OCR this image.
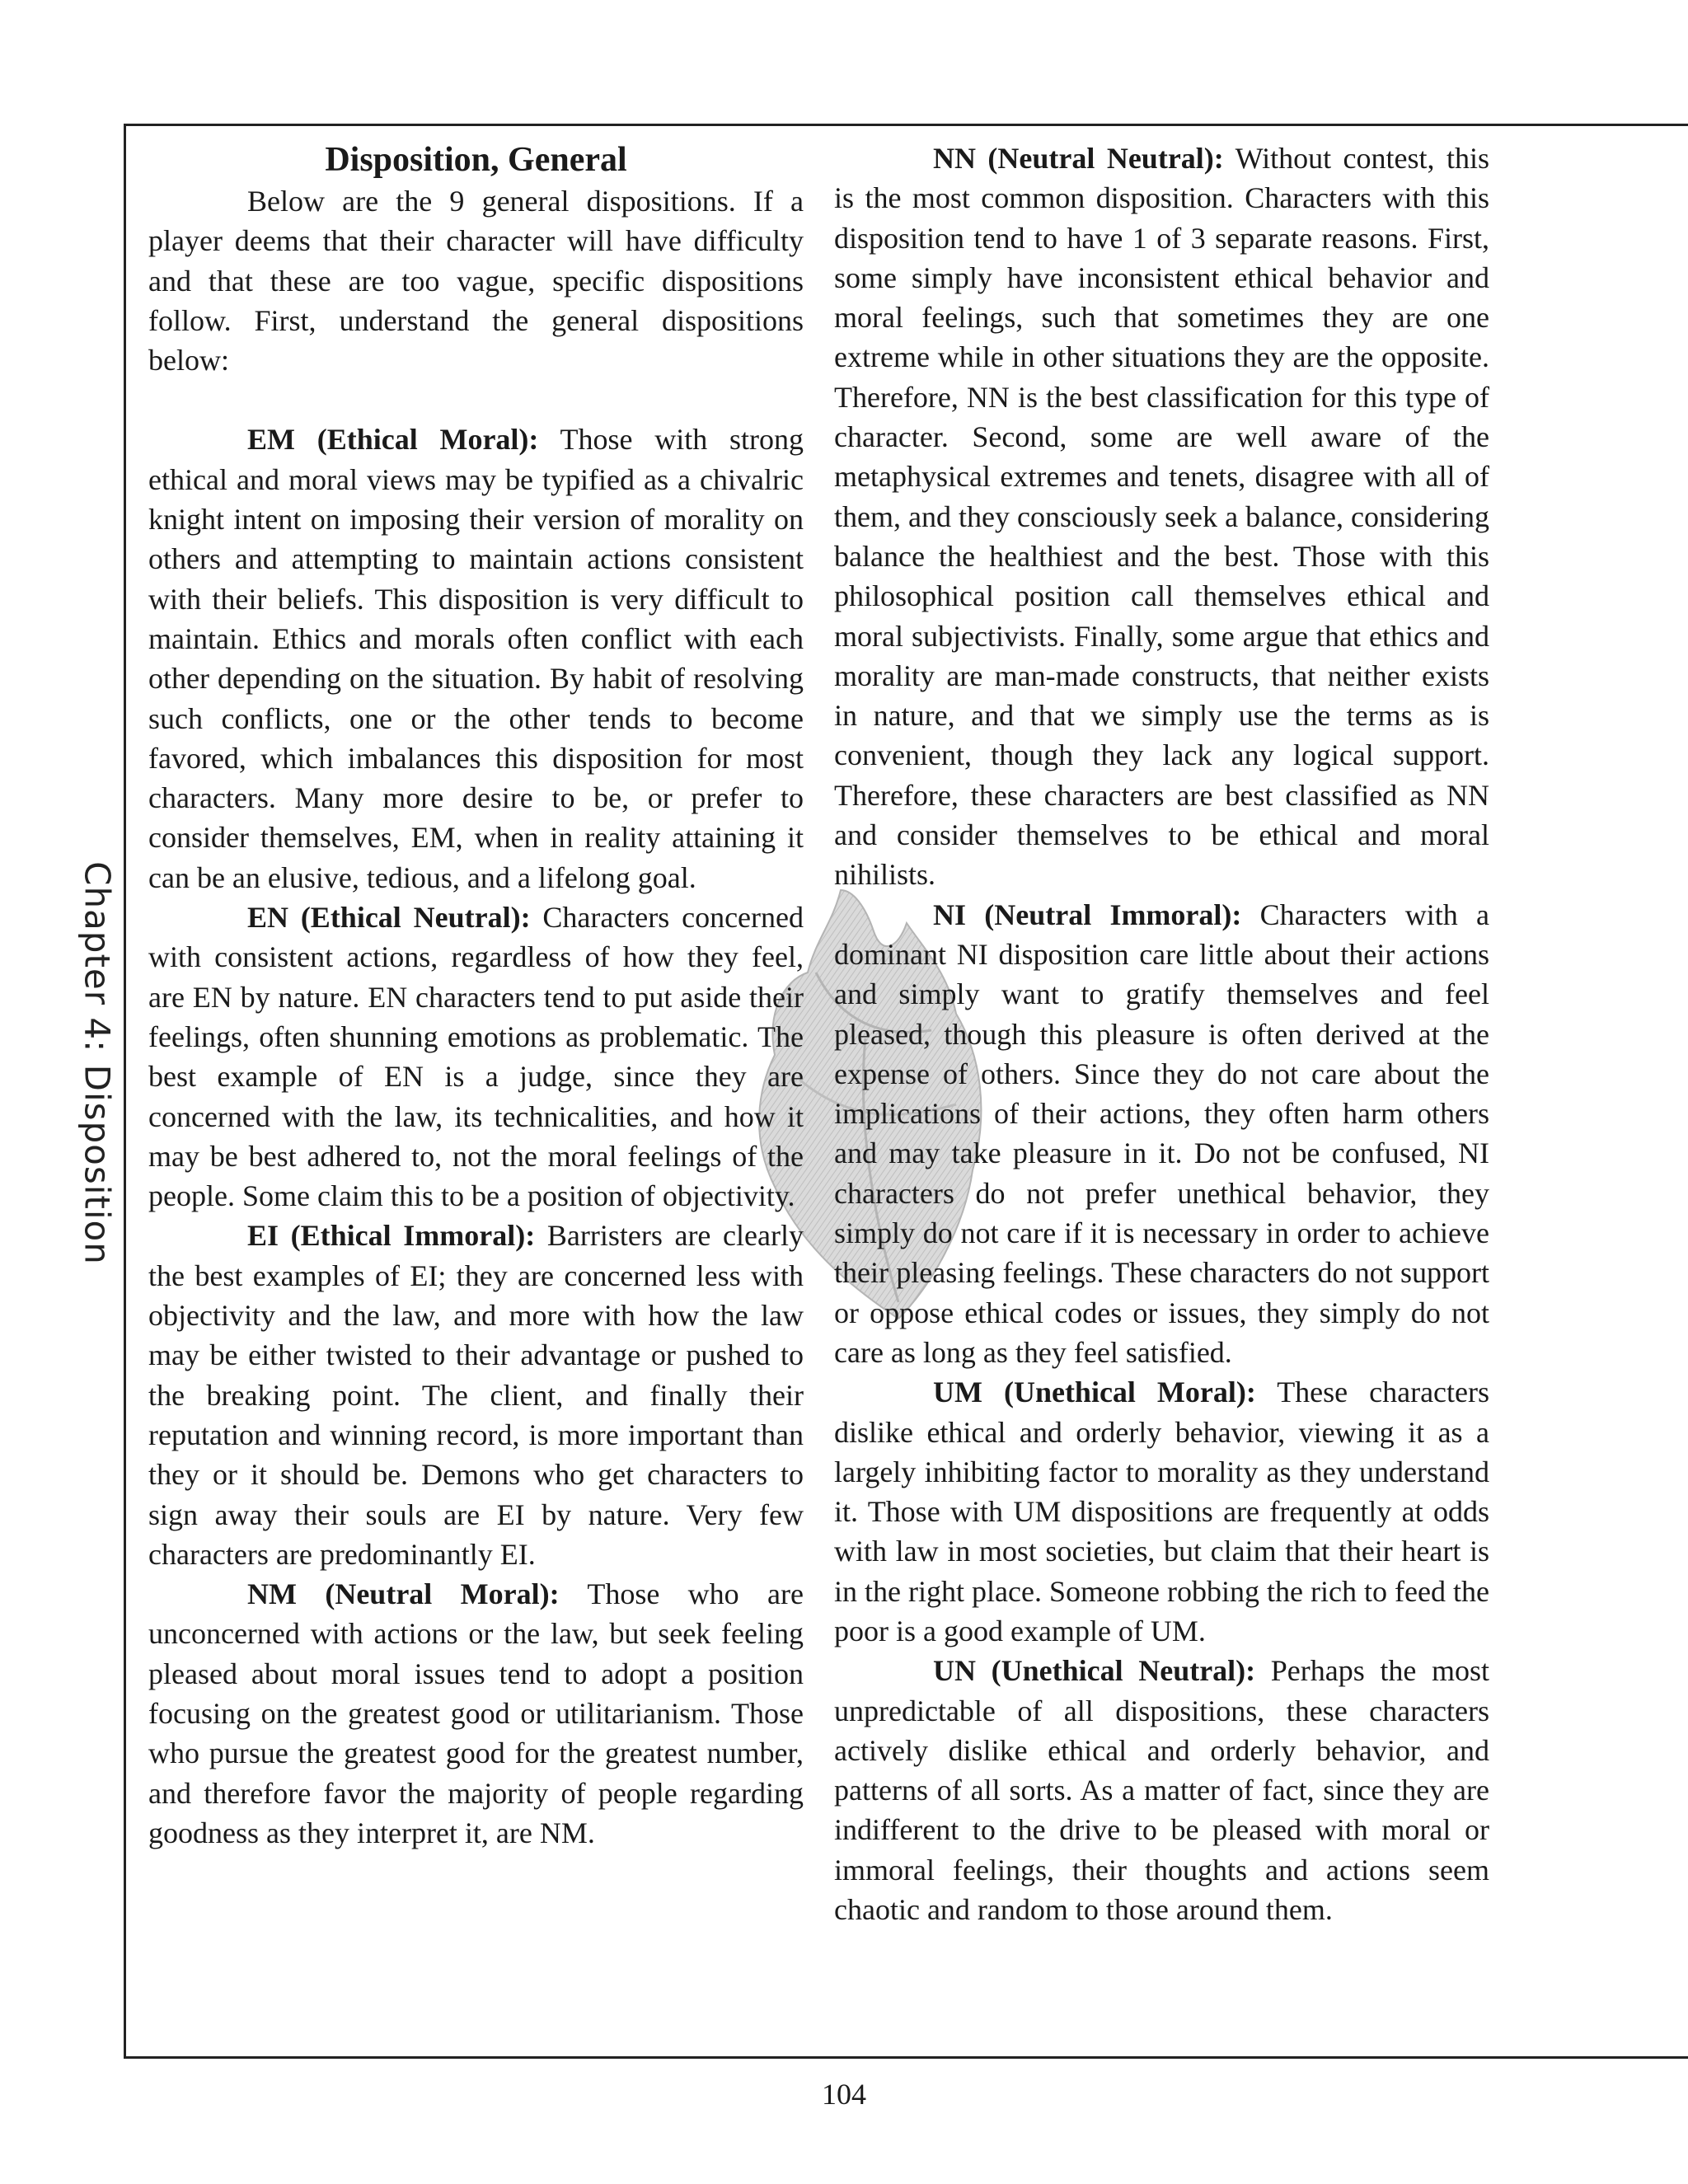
Chapter 4: Disposition
Disposition, General

Below are the 9 general dispositions. If a player deems that their character will have difficulty and that these are too vague, specific dispositions follow. First, understand the general dispositions below:

EM (Ethical Moral): Those with strong ethical and moral views may be typified as a chivalric knight intent on imposing their version of morality on others and attempting to maintain actions consistent with their beliefs. This disposition is very difficult to maintain. Ethics and morals often conflict with each other depending on the situation. By habit of resolving such conflicts, one or the other tends to become favored, which imbalances this disposition for most characters. Many more desire to be, or prefer to consider themselves, EM, when in reality attaining it can be an elusive, tedious, and a lifelong goal.

EN (Ethical Neutral): Characters concerned with consistent actions, regardless of how they feel, are EN by nature. EN characters tend to put aside their feelings, often shunning emotions as problematic. The best example of EN is a judge, since they are concerned with the law, its technicalities, and how it may be best adhered to, not the moral feelings of the people. Some claim this to be a position of objectivity.

EI (Ethical Immoral): Barristers are clearly the best examples of EI; they are concerned less with objectivity and the law, and more with how the law may be either twisted to their advantage or pushed to the breaking point. The client, and finally their reputation and winning record, is more important than they or it should be. Demons who get characters to sign away their souls are EI by nature. Very few characters are predominantly EI.

NM (Neutral Moral): Those who are unconcerned with actions or the law, but seek feeling pleased about moral issues tend to adopt a position focusing on the greatest good or utilitarianism. Those who pursue the greatest good for the greatest number, and therefore favor the majority of people regarding goodness as they interpret it, are NM.

NN (Neutral Neutral): Without contest, this is the most common disposition. Characters with this disposition tend to have 1 of 3 separate reasons. First, some simply have inconsistent ethical behavior and moral feelings, such that sometimes they are one extreme while in other situations they are the opposite. Therefore, NN is the best classification for this type of character. Second, some are well aware of the metaphysical extremes and tenets, disagree with all of them, and they consciously seek a balance, considering balance the healthiest and the best. Those with this philosophical position call themselves ethical and moral subjectivists. Finally, some argue that ethics and morality are man-made constructs, that neither exists in nature, and that we simply use the terms as is convenient, though they lack any logical support. Therefore, these characters are best classified as NN and consider themselves to be ethical and moral nihilists.

NI (Neutral Immoral): Characters with a dominant NI disposition care little about their actions and simply want to gratify themselves and feel pleased, though this pleasure is often derived at the expense of others. Since they do not care about the implications of their actions, they often harm others and may take pleasure in it. Do not be confused, NI characters do not prefer unethical behavior, they simply do not care if it is necessary in order to achieve their pleasing feelings. These characters do not support or oppose ethical codes or issues, they simply do not care as long as they feel satisfied.

UM (Unethical Moral): These characters dislike ethical and orderly behavior, viewing it as a largely inhibiting factor to morality as they understand it. Those with UM dispositions are frequently at odds with law in most societies, but claim that their heart is in the right place. Someone robbing the rich to feed the poor is a good example of UM.

UN (Unethical Neutral): Perhaps the most unpredictable of all dispositions, these characters actively dislike ethical and orderly behavior, and patterns of all sorts. As a matter of fact, since they are indifferent to the drive to be pleased with moral or immoral feelings, their thoughts and actions seem chaotic and random to those around them.

104
